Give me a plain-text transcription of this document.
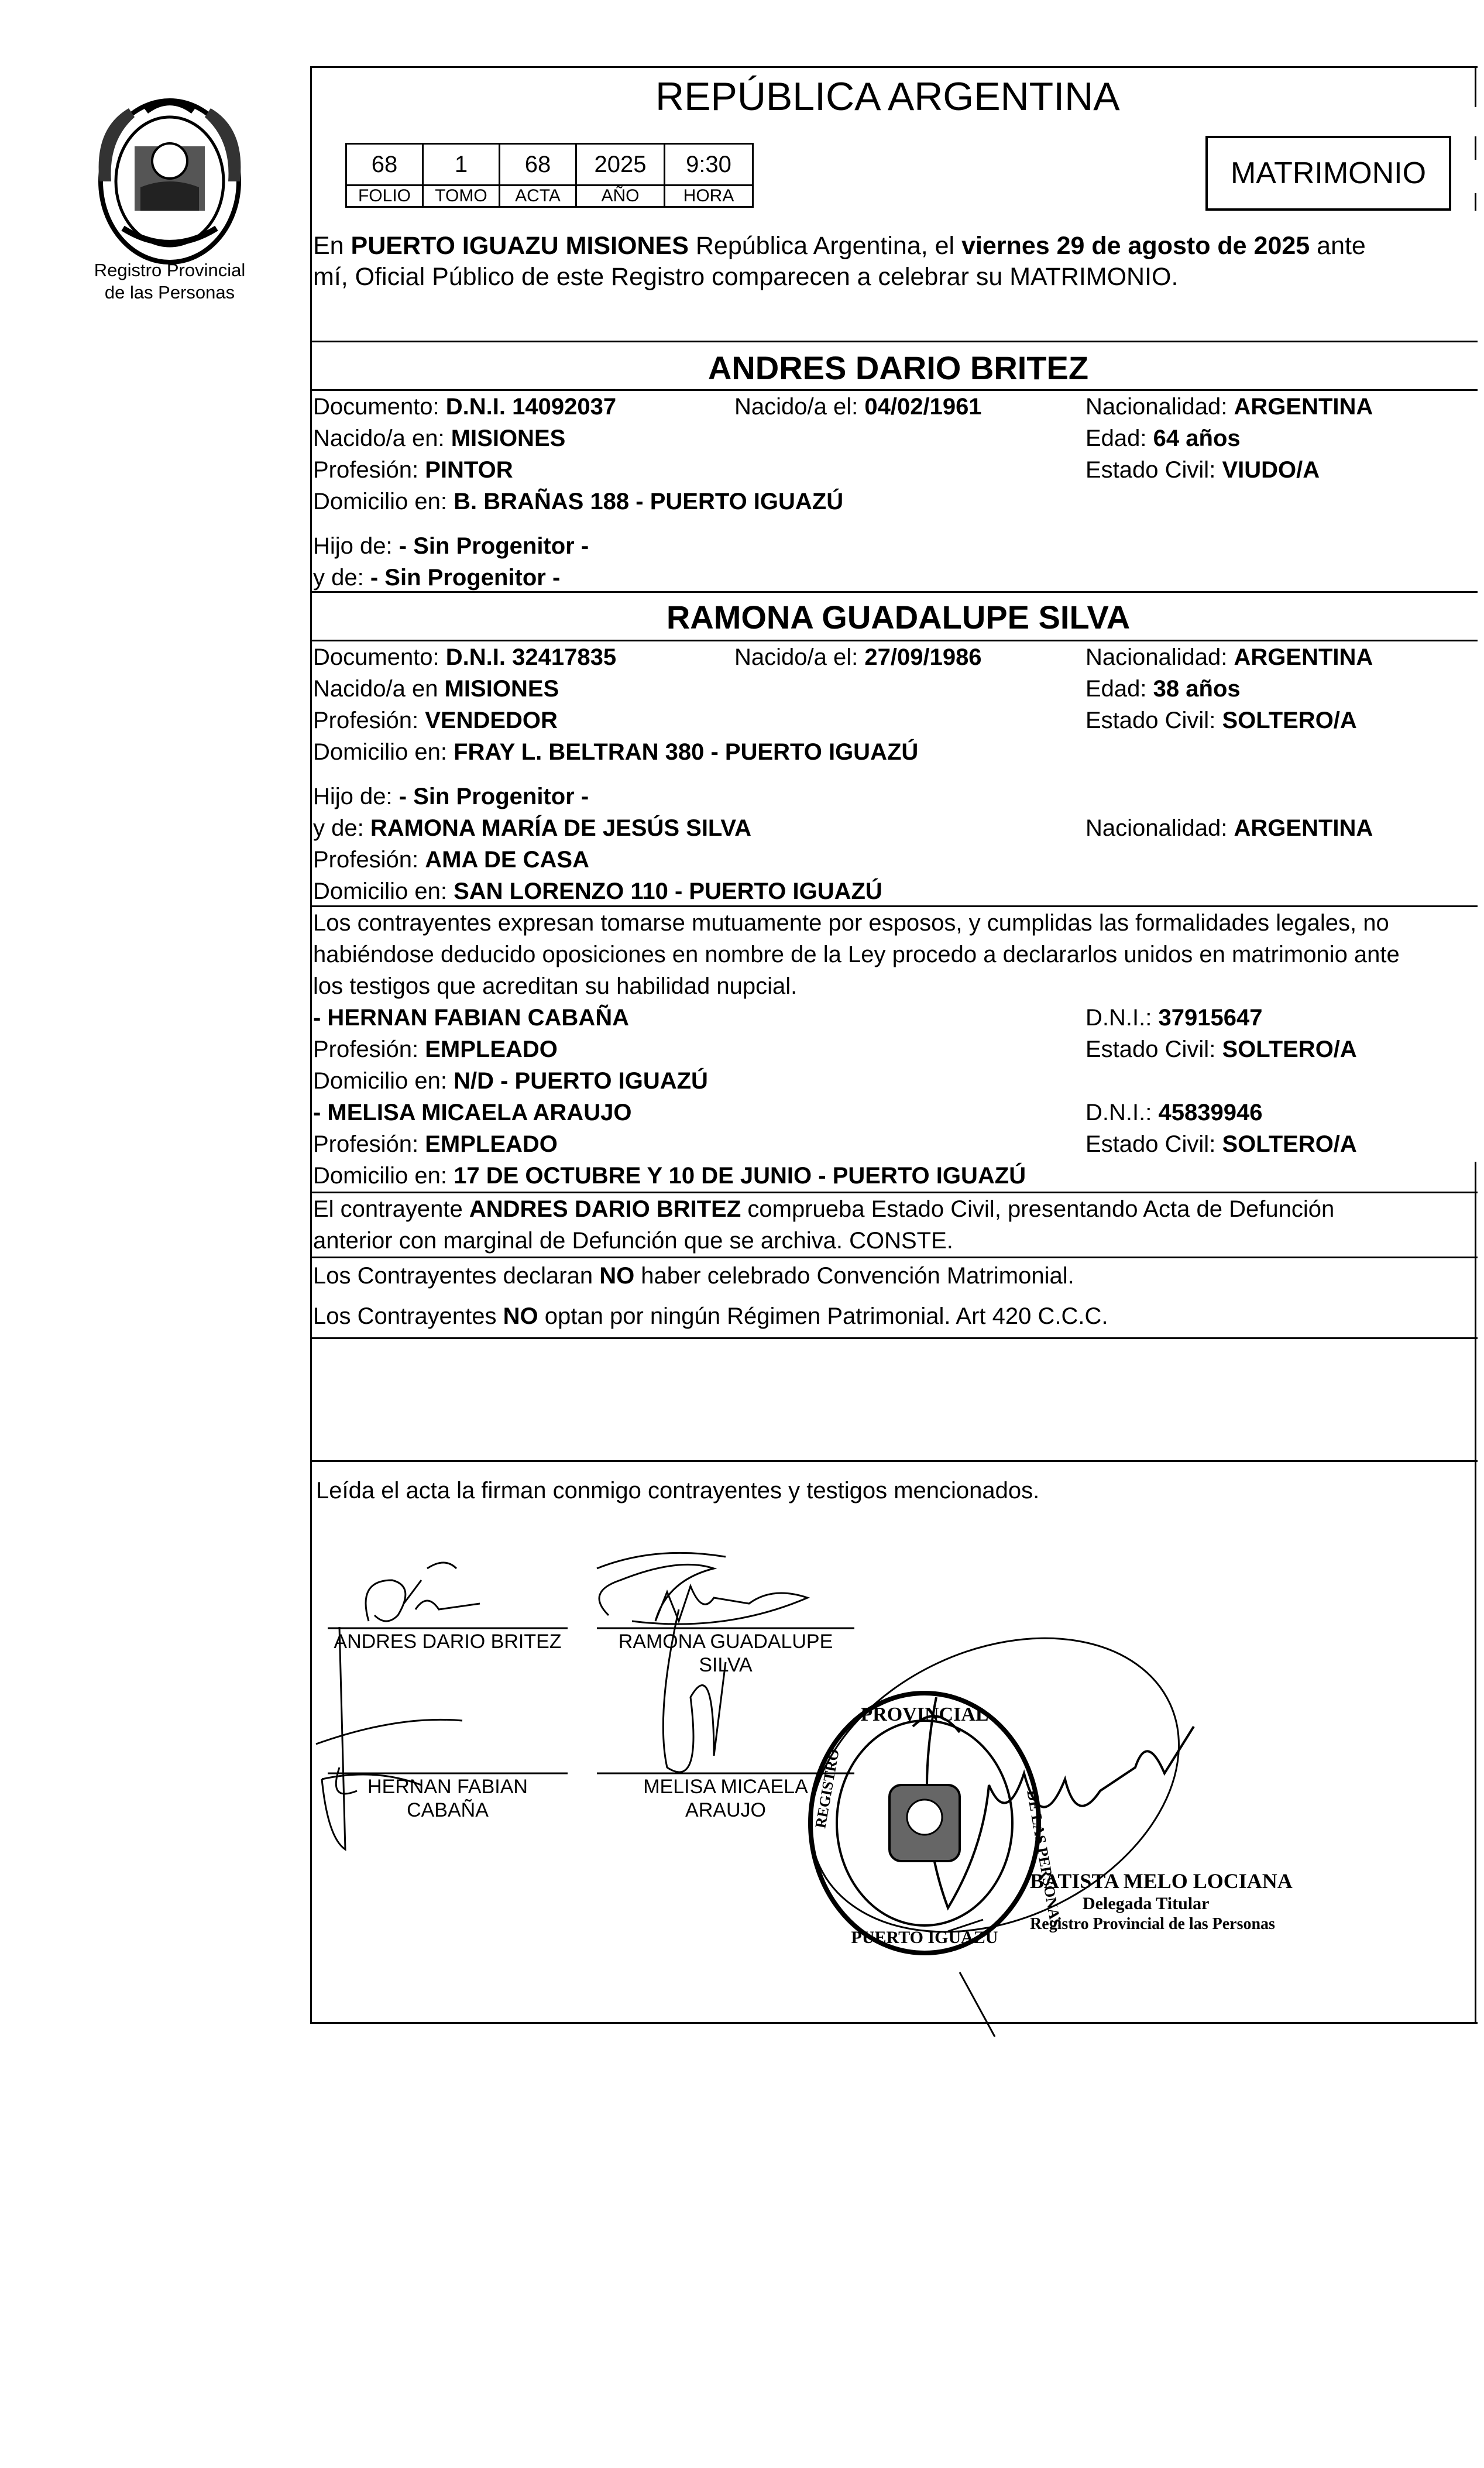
Registro Provincial
de las Personas
REPÚBLICA ARGENTINA
68	1	68	2025	9:30
FOLIO	TOMO	ACTA	AÑO	HORA
MATRIMONIO
En PUERTO IGUAZU MISIONES República Argentina, el viernes 29 de agosto de 2025 ante
mí, Oficial Público de este Registro comparecen a celebrar su MATRIMONIO.
ANDRES DARIO BRITEZ
Documento: D.N.I. 14092037	Nacido/a el: 04/02/1961	Nacionalidad: ARGENTINA
Nacido/a en: MISIONES	Edad: 64 años
Profesión: PINTOR	Estado Civil: VIUDO/A
Domicilio en: B. BRAÑAS 188 - PUERTO IGUAZÚ
Hijo de: - Sin Progenitor -
y de: - Sin Progenitor -
RAMONA GUADALUPE SILVA
Documento: D.N.I. 32417835	Nacido/a el: 27/09/1986	Nacionalidad: ARGENTINA
Nacido/a en MISIONES	Edad: 38 años
Profesión: VENDEDOR	Estado Civil: SOLTERO/A
Domicilio en: FRAY L. BELTRAN 380 - PUERTO IGUAZÚ
Hijo de: - Sin Progenitor -
y de: RAMONA MARÍA DE JESÚS SILVA	Nacionalidad: ARGENTINA
Profesión: AMA DE CASA
Domicilio en: SAN LORENZO 110 - PUERTO IGUAZÚ
Los contrayentes expresan tomarse mutuamente por esposos, y cumplidas las formalidades legales, no
habiéndose deducido oposiciones en nombre de la Ley procedo a declararlos unidos en matrimonio ante
los testigos que acreditan su habilidad nupcial.
- HERNAN FABIAN CABAÑA	D.N.I.: 37915647
Profesión: EMPLEADO	Estado Civil: SOLTERO/A
Domicilio en: N/D - PUERTO IGUAZÚ
- MELISA MICAELA ARAUJO	D.N.I.: 45839946
Profesión: EMPLEADO	Estado Civil: SOLTERO/A
Domicilio en: 17 DE OCTUBRE Y 10 DE JUNIO - PUERTO IGUAZÚ
El contrayente ANDRES DARIO BRITEZ comprueba Estado Civil, presentando Acta de Defunción
anterior con marginal de Defunción que se archiva. CONSTE.
Los Contrayentes declaran NO haber celebrado Convención Matrimonial.
Los Contrayentes NO optan por ningún Régimen Patrimonial. Art 420 C.C.C.
Leída el acta la firman conmigo contrayentes y testigos mencionados.
ANDRES DARIO BRITEZ	RAMONA GUADALUPE
SILVA
HERNAN FABIAN
CABAÑA
MELISA MICAELA
ARAUJO
PROVINCIAL
PUERTO IGUAZU
REGISTRO
DE LAS PERSONAS
BATISTA MELO LOCIANA
Delegada Titular
Registro Provincial de las Personas
